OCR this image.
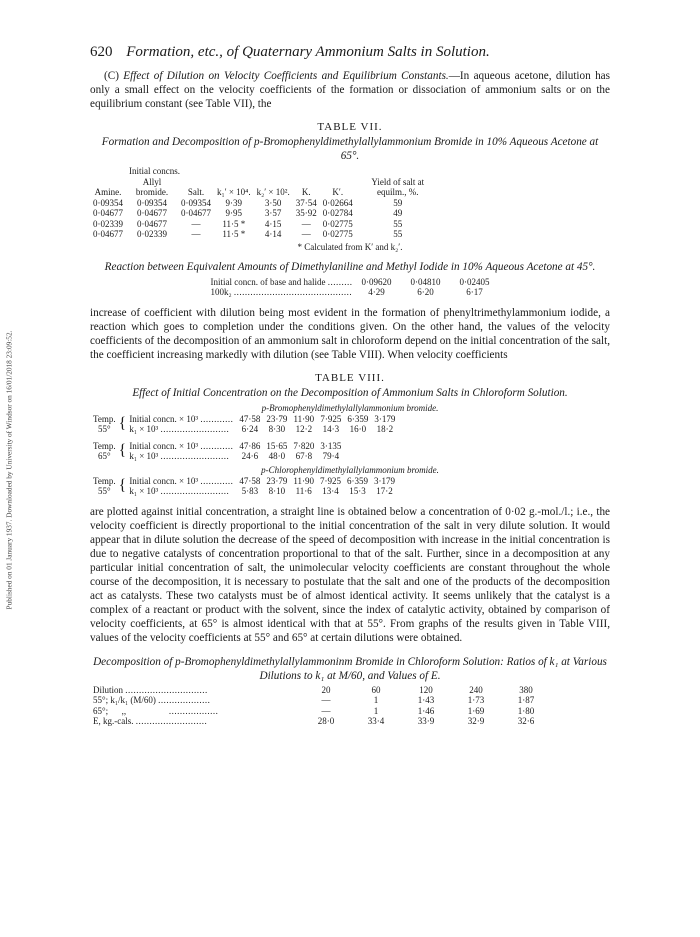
Published on 01 January 1937. Downloaded by University of Windsor on 16/01/2018 23:09:52.
620 Formation, etc., of Quaternary Ammonium Salts in Solution.

(C) Effect of Dilution on Velocity Coefficients and Equilibrium Constants.—In aqueous acetone, dilution has only a small effect on the velocity coefficients of the formation or dissociation of ammonium salts or on the equilibrium constant (see Table VII), the

TABLE VII.
Formation and Decomposition of p-Bromophenyldimethylallylammonium Bromide in 10% Aqueous Acetone at 65°.
	Initial concns.						
Amine.	Allyl bromide.	Salt.	k₁′ × 10⁴.	k₂′ × 10².	K.	K′.	Yield of salt at equilm., %.
0·09354	0·09354	0·09354	9·39	3·50	37·54	0·02664	59
0·04677	0·04677	0·04677	9·95	3·57	35·92	0·02784	49
0·02339	0·04677	—	11·5 *	4·15	—	0·02775	55
0·04677	0·02339	—	11·5 *	4·14	—	0·02775	55
* Calculated from K′ and k₂′.
Reaction between Equivalent Amounts of Dimethylaniline and Methyl Iodide in 10% Aqueous Acetone at 45°.
Initial concn. of base and halide .........	0·09620	0·04810	0·02405
100k₂ ...........................................	4·29	6·20	6·17

increase of coefficient with dilution being most evident in the formation of phenyltrimethylammonium iodide, a reaction which goes to completion under the conditions given. On the other hand, the values of the velocity coefficients of the decomposition of an ammonium salt in chloroform depend on the initial concentration of the salt, the coefficient increasing markedly with dilution (see Table VIII). When velocity coefficients

TABLE VIII.
Effect of Initial Concentration on the Decomposition of Ammonium Salts in Chloroform Solution.
p-Bromophenyldimethylallylammonium bromide.
Temp.	{	Initial concn. × 10³ ............	47·58	23·79	11·90	7·925	6·359	3·179
55°		k₁ × 10³ .........................	6·24	8·30	12·2	14·3	16·0	18·2

Temp.	{	Initial concn. × 10³ ............	47·86	15·65	7·820	3·135		
65°		k₁ × 10³ .........................	24·6	48·0	67·8	79·4		
p-Chlorophenyldimethylallylammonium bromide.
Temp.	{	Initial concn. × 10³ ............	47·58	23·79	11·90	7·925	6·359	3·179
55°		k₁ × 10³ .........................	5·83	8·10	11·6	13·4	15·3	17·2

are plotted against initial concentration, a straight line is obtained below a concentration of 0·02 g.-mol./l.; i.e., the velocity coefficient is directly proportional to the initial concentration of the salt in very dilute solution. It would appear that in dilute solution the decrease of the speed of decomposition with increase in the initial concentration is due to negative catalysts of concentration proportional to that of the salt. Further, since in a decomposition at any particular initial concentration of salt, the unimolecular velocity coefficients are constant throughout the whole course of the decomposition, it is necessary to postulate that the salt and one of the products of the decomposition act as catalysts. These two catalysts must be of almost identical activity. It seems unlikely that the catalyst is a complex of a reactant or product with the solvent, since the index of catalytic activity, obtained by comparison of velocity coefficients, at 65° is almost identical with that at 55°. From graphs of the results given in Table VIII, values of the velocity coefficients at 55° and 65° at certain dilutions were obtained.

Decomposition of p-Bromophenyldimethylallylammoninm Bromide in Chloroform Solution: Ratios of k₁ at Various Dilutions to k₁ at M/60, and Values of E.
Dilution ..............................	20	60	120	240	380
55°; k₁/k₁ (M/60) ...................	—	1	1·43	1·73	1·87
65°;      ,, ..................	—	1	1·46	1·69	1·80
E, kg.-cals. ..........................	28·0	33·4	33·9	32·9	32·6
